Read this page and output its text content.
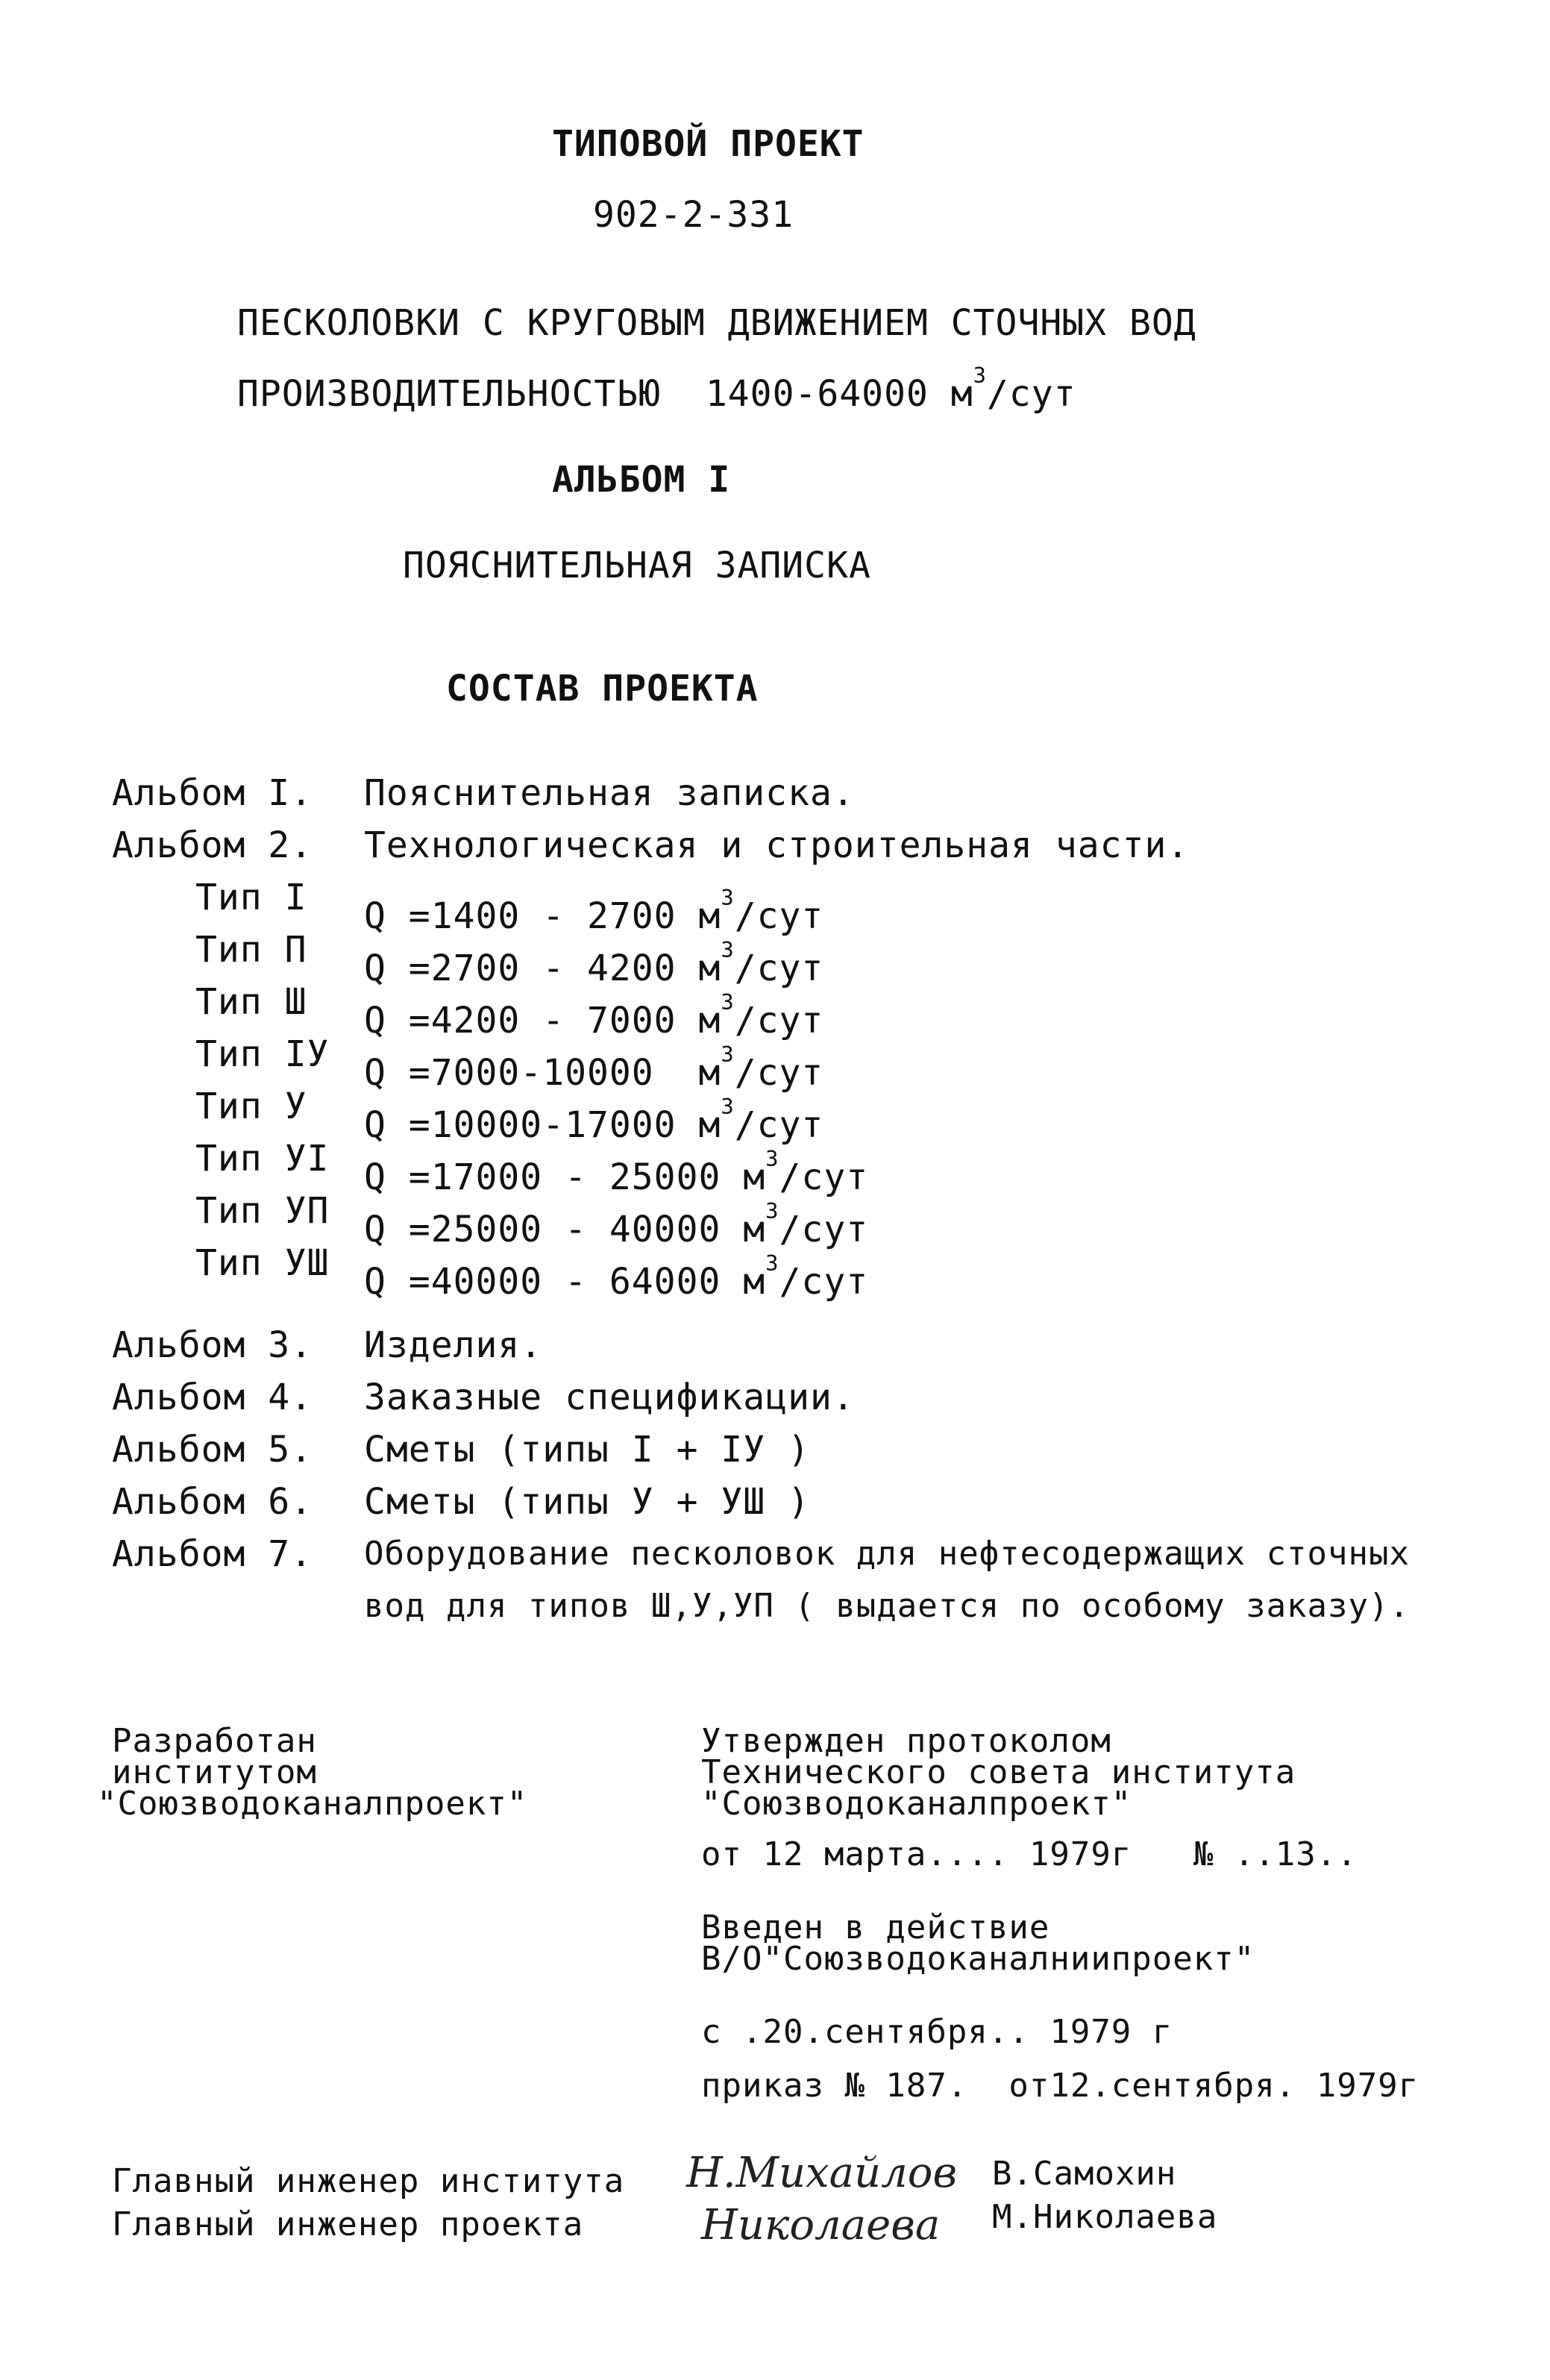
ТИПОВОЙ ПРОЕКТ
902-2-331
ПЕСКОЛОВКИ С КРУГОВЫМ ДВИЖЕНИЕМ СТОЧНЫХ ВОД
ПРОИЗВОДИТЕЛЬНОСТЬЮ 1400-64000 $м^3$/сут
АЛЬБОМ I
ПОЯСНИТЕЛЬНАЯ ЗАПИСКА
СОСТАВ ПРОЕКТА
Альбом I. Пояснительная записка.
Альбом 2. Технологическая и строительная части.
Тип I Q =1400 - 2700 $м^3$/сут
Тип П Q =2700 - 4200 $м^3$/сут
Тип Ш Q =4200 - 7000 $м^3$/сут
Тип IУ Q =7000-10000  $м^3$/сут
Тип У Q =10000-17000 $м^3$/сут
Тип УI Q =17000 - 25000 $м^3$/сут
Тип УП Q =25000 - 40000 $м^3$/сут
Тип УШ Q =40000 - 64000 $м^3$/сут
Альбом 3. Изделия.
Альбом 4. Заказные спецификации.
Альбом 5. Сметы (типы I + IУ )
Альбом 6. Сметы (типы У + УШ )
Альбом 7. Оборудование песколовок для нефтесодержащих сточных
вод для типов Ш,У,УП ( выдается по особому заказу).
Разработан
институтом
"Союзводоканалпроект"
Утвержден протоколом
Технического совета института
"Союзводоканалпроект"
от 12 марта.... 1979г   № ..13..
Введен в действие
В/О"Союзводоканалниипроект"
с .20.сентября.. 1979 г
приказ № 187.  от12.сентября. 1979г
Главный инженер института Н.Михайлов В.Самохин
Главный инженер проекта	Николаева М.Николаева
